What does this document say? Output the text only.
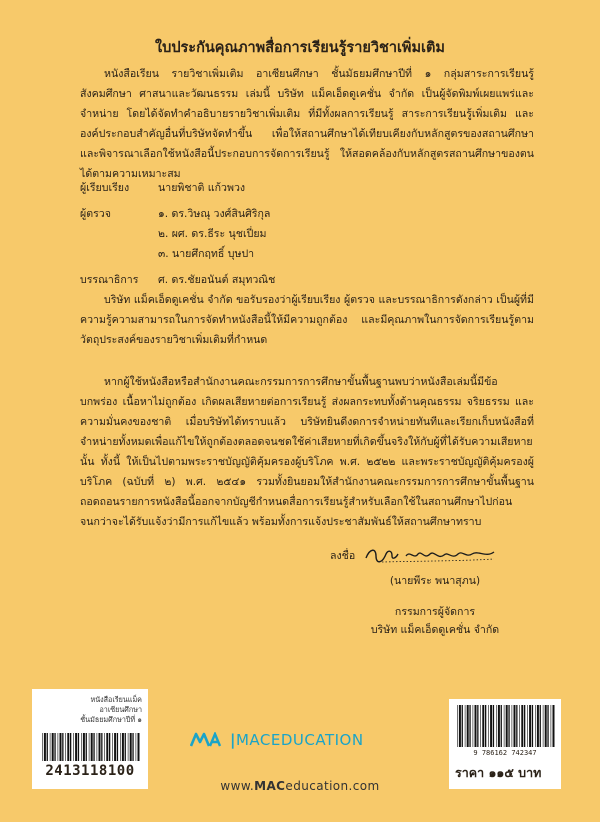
ใบประกันคุณภาพสื่อการเรียนรู้รายวิชาเพิ่มเติม

หนังสือเรียน รายวิชาเพิ่มเติม อาเซียนศึกษา ชั้นมัธยมศึกษาปีที่ ๑ กลุ่มสาระการเรียนรู้สังคมศึกษา ศาสนาและวัฒนธรรม เล่มนี้ บริษัท แม็คเอ็ดดูเคชั่น จำกัด เป็นผู้จัดพิมพ์เผยแพร่และจำหน่าย โดยได้จัดทำคำอธิบายรายวิชาเพิ่มเติม ที่มีทั้งผลการเรียนรู้ สาระการเรียนรู้เพิ่มเติม และองค์ประกอบสำคัญอื่นที่บริษัทจัดทำขึ้น เพื่อให้สถานศึกษาได้เทียบเคียงกับหลักสูตรของสถานศึกษาและพิจารณาเลือกใช้หนังสือนี้ประกอบการจัดการเรียนรู้ ให้สอดคล้องกับหลักสูตรสถานศึกษาของตนได้ตามความเหมาะสม

ผู้เรียบเรียง	นายพิชาติ แก้วพวง
ผู้ตรวจ	๑. ดร.วิษณุ วงศ์สินศิริกุล
๒. ผศ. ดร.ธีระ นุชเปี่ยม
๓. นายศึกฤทธิ์ บุษปา
บรรณาธิการ	ศ. ดร.ชัยอนันต์ สมุทวณิช

บริษัท แม็คเอ็ดดูเคชั่น จำกัด ขอรับรองว่าผู้เรียบเรียง ผู้ตรวจ และบรรณาธิการดังกล่าว เป็นผู้ที่มีความรู้ความสามารถในการจัดทำหนังสือนี้ให้มีความถูกต้อง และมีคุณภาพในการจัดการเรียนรู้ตามวัตถุประสงค์ของรายวิชาเพิ่มเติมที่กำหนด

หากผู้ใช้หนังสือหรือสำนักงานคณะกรรมการการศึกษาขั้นพื้นฐานพบว่าหนังสือเล่มนี้มีข้อบกพร่อง เนื้อหาไม่ถูกต้อง เกิดผลเสียหายต่อการเรียนรู้ ส่งผลกระทบทั้งด้านคุณธรรม จริยธรรม และความมั่นคงของชาติ เมื่อบริษัทได้ทราบแล้ว บริษัทยินดีงดการจำหน่ายทันทีและเรียกเก็บหนังสือที่จำหน่ายทั้งหมดเพื่อแก้ไขให้ถูกต้องตลอดจนชดใช้ค่าเสียหายที่เกิดขึ้นจริงให้กับผู้ที่ได้รับความเสียหายนั้น ทั้งนี้ ให้เป็นไปตามพระราชบัญญัติคุ้มครองผู้บริโภค พ.ศ. ๒๕๒๒ และพระราชบัญญัติคุ้มครองผู้บริโภค (ฉบับที่ ๒) พ.ศ. ๒๕๔๑ รวมทั้งยินยอมให้สำนักงานคณะกรรมการการศึกษาขั้นพื้นฐานถอดถอนรายการหนังสือนี้ออกจากบัญชีกำหนดสื่อการเรียนรู้สำหรับเลือกใช้ในสถานศึกษาไปก่อนจนกว่าจะได้รับแจ้งว่ามีการแก้ไขแล้ว พร้อมทั้งการแจ้งประชาสัมพันธ์ให้สถานศึกษาทราบ

ลงชื่อ
(นายพีระ พนาสุภน)
กรรมการผู้จัดการ
บริษัท แม็คเอ็ดดูเคชั่น จำกัด
หนังสือเรียนแม็ค
อาเซียนศึกษา
ชั้นมัธยมศึกษาปีที่ ๑
2413118100
|MACEDUCATION
www.MACeducation.com
9 786162 742347
ราคา ๑๑๕ บาท
